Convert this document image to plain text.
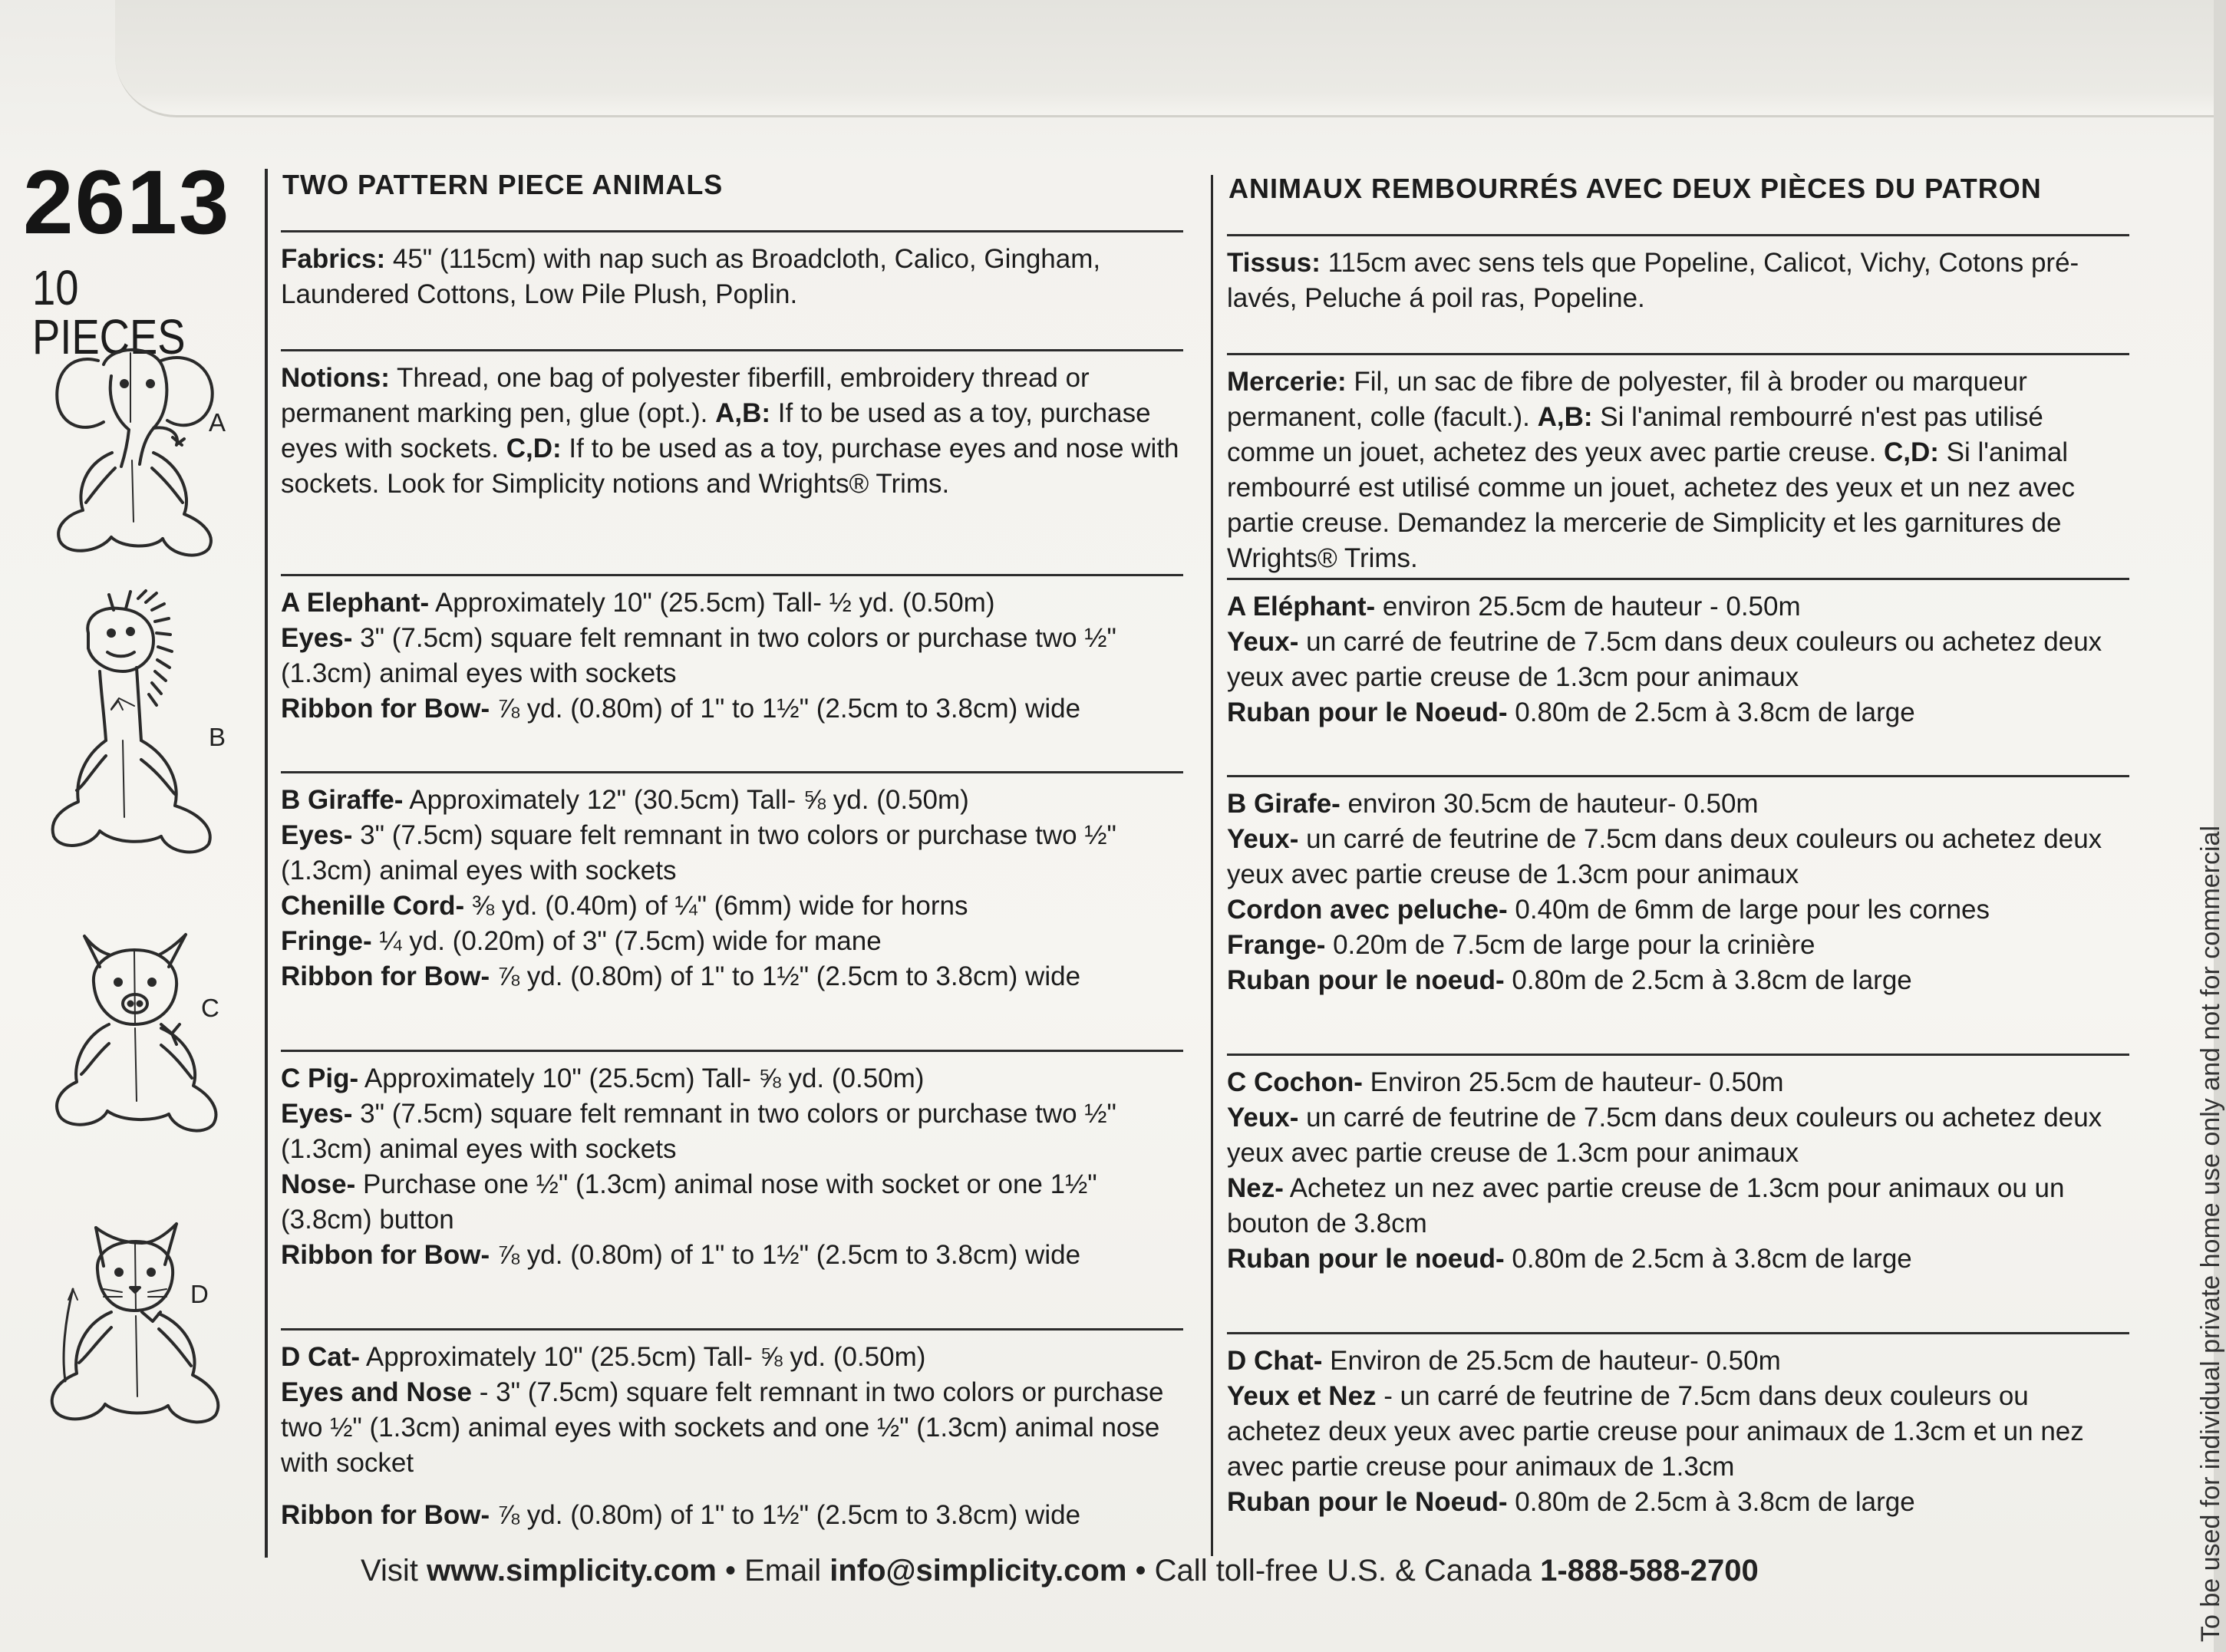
2613
10 PIECES
A
B
C
D
TWO PATTERN PIECE ANIMALS

Fabrics: 45" (115cm) with nap such as Broadcloth, Calico, Gingham, Laundered Cottons, Low Pile Plush, Poplin.

Notions: Thread, one bag of polyester fiberfill, embroidery thread or permanent marking pen, glue (opt.). A,B: If to be used as a toy, purchase eyes with sockets. C,D: If to be used as a toy, purchase eyes and nose with sockets. Look for Simplicity notions and Wrights® Trims.

A Elephant- Approximately 10" (25.5cm) Tall- ½ yd. (0.50m)

Eyes- 3" (7.5cm) square felt remnant in two colors or purchase two ½" (1.3cm) animal eyes with sockets

Ribbon for Bow- ⅞ yd. (0.80m) of 1" to 1½" (2.5cm to 3.8cm) wide

B Giraffe- Approximately 12" (30.5cm) Tall- ⅝ yd. (0.50m)

Eyes- 3" (7.5cm) square felt remnant in two colors or purchase two ½" (1.3cm) animal eyes with sockets

Chenille Cord- ⅜ yd. (0.40m) of ¼" (6mm) wide for horns

Fringe- ¼ yd. (0.20m) of 3" (7.5cm) wide for mane

Ribbon for Bow- ⅞ yd. (0.80m) of 1" to 1½" (2.5cm to 3.8cm) wide

C Pig- Approximately 10" (25.5cm) Tall- ⅝ yd. (0.50m)

Eyes- 3" (7.5cm) square felt remnant in two colors or purchase two ½" (1.3cm) animal eyes with sockets

Nose- Purchase one ½" (1.3cm) animal nose with socket or one 1½" (3.8cm) button

Ribbon for Bow- ⅞ yd. (0.80m) of 1" to 1½" (2.5cm to 3.8cm) wide

D Cat- Approximately 10" (25.5cm) Tall- ⅝ yd. (0.50m)

Eyes and Nose - 3" (7.5cm) square felt remnant in two colors or purchase two ½" (1.3cm) animal eyes with sockets and one ½" (1.3cm) animal nose with socket

Ribbon for Bow- ⅞ yd. (0.80m) of 1" to 1½" (2.5cm to 3.8cm) wide

ANIMAUX REMBOURRÉS AVEC DEUX PIÈCES DU PATRON

Tissus: 115cm avec sens tels que Popeline, Calicot, Vichy, Cotons pré-lavés, Peluche á poil ras, Popeline.

Mercerie: Fil, un sac de fibre de polyester, fil à broder ou marqueur permanent, colle (facult.). A,B: Si l'animal rembourré n'est pas utilisé comme un jouet, achetez des yeux avec partie creuse. C,D: Si l'animal rembourré est utilisé comme un jouet, achetez des yeux et un nez avec partie creuse. Demandez la mercerie de Simplicity et les garnitures de Wrights® Trims.

A Eléphant- environ 25.5cm de hauteur - 0.50m

Yeux- un carré de feutrine de 7.5cm dans deux couleurs ou achetez deux yeux avec partie creuse de 1.3cm pour animaux

Ruban pour le Noeud- 0.80m de 2.5cm à 3.8cm de large

B Girafe- environ 30.5cm de hauteur- 0.50m

Yeux- un carré de feutrine de 7.5cm dans deux couleurs ou achetez deux yeux avec partie creuse de 1.3cm pour animaux

Cordon avec peluche- 0.40m de 6mm de large pour les cornes

Frange- 0.20m de 7.5cm de large pour la crinière

Ruban pour le noeud- 0.80m de 2.5cm à 3.8cm de large

C Cochon- Environ 25.5cm de hauteur- 0.50m

Yeux- un carré de feutrine de 7.5cm dans deux couleurs ou achetez deux yeux avec partie creuse de 1.3cm pour animaux

Nez- Achetez un nez avec partie creuse de 1.3cm pour animaux ou un bouton de 3.8cm

Ruban pour le noeud- 0.80m de 2.5cm à 3.8cm de large

D Chat- Environ de 25.5cm de hauteur- 0.50m

Yeux et Nez - un carré de feutrine de 7.5cm dans deux couleurs ou achetez deux yeux avec partie creuse pour animaux de 1.3cm et un nez avec partie creuse pour animaux de 1.3cm

Ruban pour le Noeud- 0.80m de 2.5cm à 3.8cm de large

Visit www.simplicity.com • Email info@simplicity.com • Call toll-free U.S. & Canada 1-888-588-2700	To be used for individual private home use only and not for commercial
